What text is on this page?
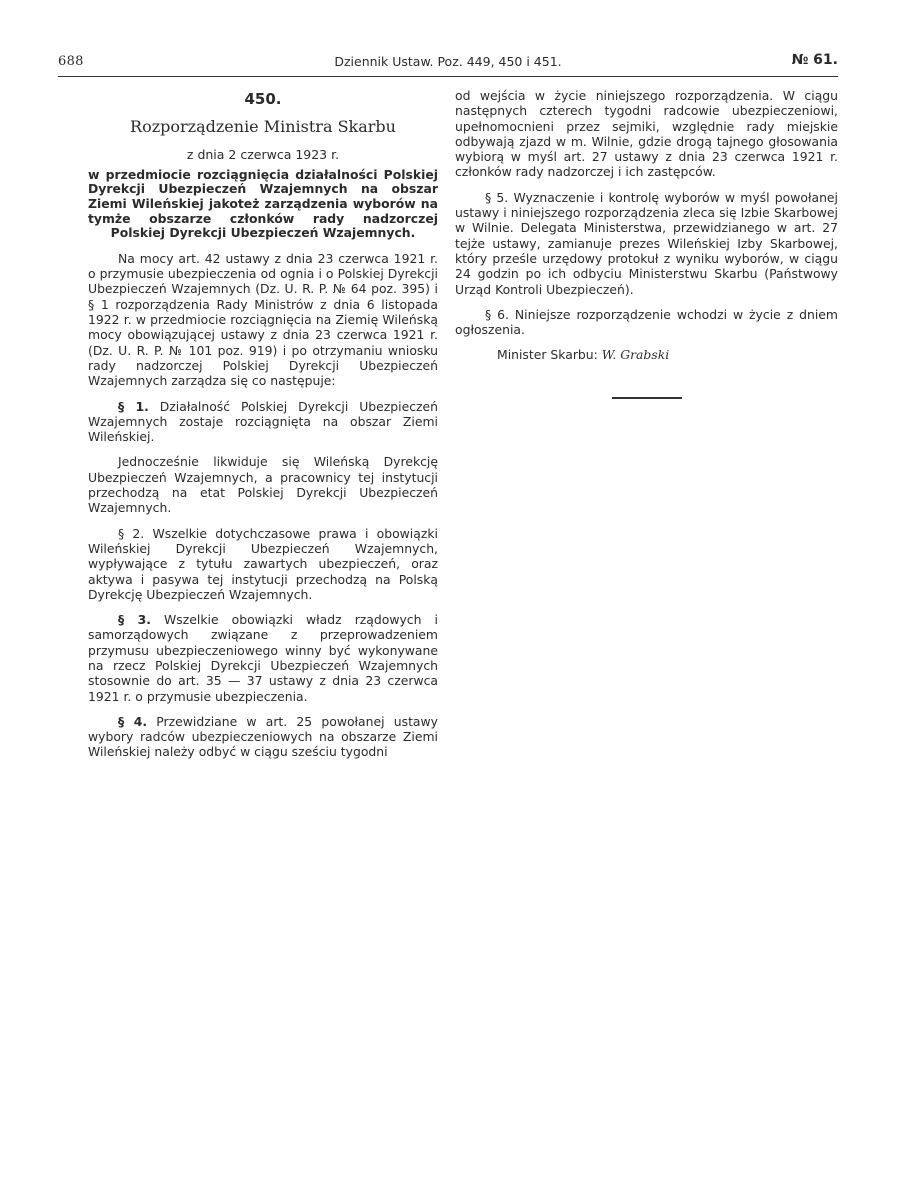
688	Dziennik Ustaw. Poz. 449, 450 i 451.	№ 61.
450.
Rozporządzenie Ministra Skarbu
z dnia 2 czerwca 1923 r.
w przedmiocie rozciągnięcia działalności Polskiej Dyrekcji Ubezpieczeń Wzajemnych na obszar Ziemi Wileńskiej jakoteż zarządzenia wyborów na tymże obszarze członków rady nadzorczej Polskiej Dyrekcji Ubezpieczeń Wzajemnych.

Na mocy art. 42 ustawy z dnia 23 czerwca 1921 r. o przymusie ubezpieczenia od ognia i o Polskiej Dyrekcji Ubezpieczeń Wzajemnych (Dz. U. R. P. № 64 poz. 395) i § 1 rozporządzenia Rady Ministrów z dnia 6 listopada 1922 r. w przedmiocie rozciągnięcia na Ziemię Wileńską mocy obowiązującej ustawy z dnia 23 czerwca 1921 r. (Dz. U. R. P. № 101 poz. 919) i po otrzymaniu wniosku rady nadzorczej Polskiej Dyrekcji Ubezpieczeń Wzajemnych zarządza się co następuje:

§ 1. Działalność Polskiej Dyrekcji Ubezpieczeń Wzajemnych zostaje rozciągnięta na obszar Ziemi Wileńskiej.

Jednocześnie likwiduje się Wileńską Dyrekcję Ubezpieczeń Wzajemnych, a pracownicy tej instytucji przechodzą na etat Polskiej Dyrekcji Ubezpieczeń Wzajemnych.

§ 2. Wszelkie dotychczasowe prawa i obowiązki Wileńskiej Dyrekcji Ubezpieczeń Wzajemnych, wypływające z tytułu zawartych ubezpieczeń, oraz aktywa i pasywa tej instytucji przechodzą na Polską Dyrekcję Ubezpieczeń Wzajemnych.

§ 3. Wszelkie obowiązki władz rządowych i samorządowych związane z przeprowadzeniem przymusu ubezpieczeniowego winny być wykonywane na rzecz Polskiej Dyrekcji Ubezpieczeń Wzajemnych stosownie do art. 35 — 37 ustawy z dnia 23 czerwca 1921 r. o przymusie ubezpieczenia.

§ 4. Przewidziane w art. 25 powołanej ustawy wybory radców ubezpieczeniowych na obszarze Ziemi Wileńskiej należy odbyć w ciągu sześciu tygodni

od wejścia w życie niniejszego rozporządzenia. W ciągu następnych czterech tygodni radcowie ubezpieczeniowi, upełnomocnieni przez sejmiki, względnie rady miejskie odbywają zjazd w m. Wilnie, gdzie drogą tajnego głosowania wybiorą w myśl art. 27 ustawy z dnia 23 czerwca 1921 r. członków rady nadzorczej i ich zastępców.

§ 5. Wyznaczenie i kontrolę wyborów w myśl powołanej ustawy i niniejszego rozporządzenia zleca się Izbie Skarbowej w Wilnie. Delegata Ministerstwa, przewidzianego w art. 27 tejże ustawy, zamianuje prezes Wileńskiej Izby Skarbowej, który prześle urzędowy protokuł z wyniku wyborów, w ciągu 24 godzin po ich odbyciu Ministerstwu Skarbu (Państwowy Urząd Kontroli Ubezpieczeń).

§ 6. Niniejsze rozporządzenie wchodzi w życie z dniem ogłoszenia.

Minister Skarbu: W. Grabski
